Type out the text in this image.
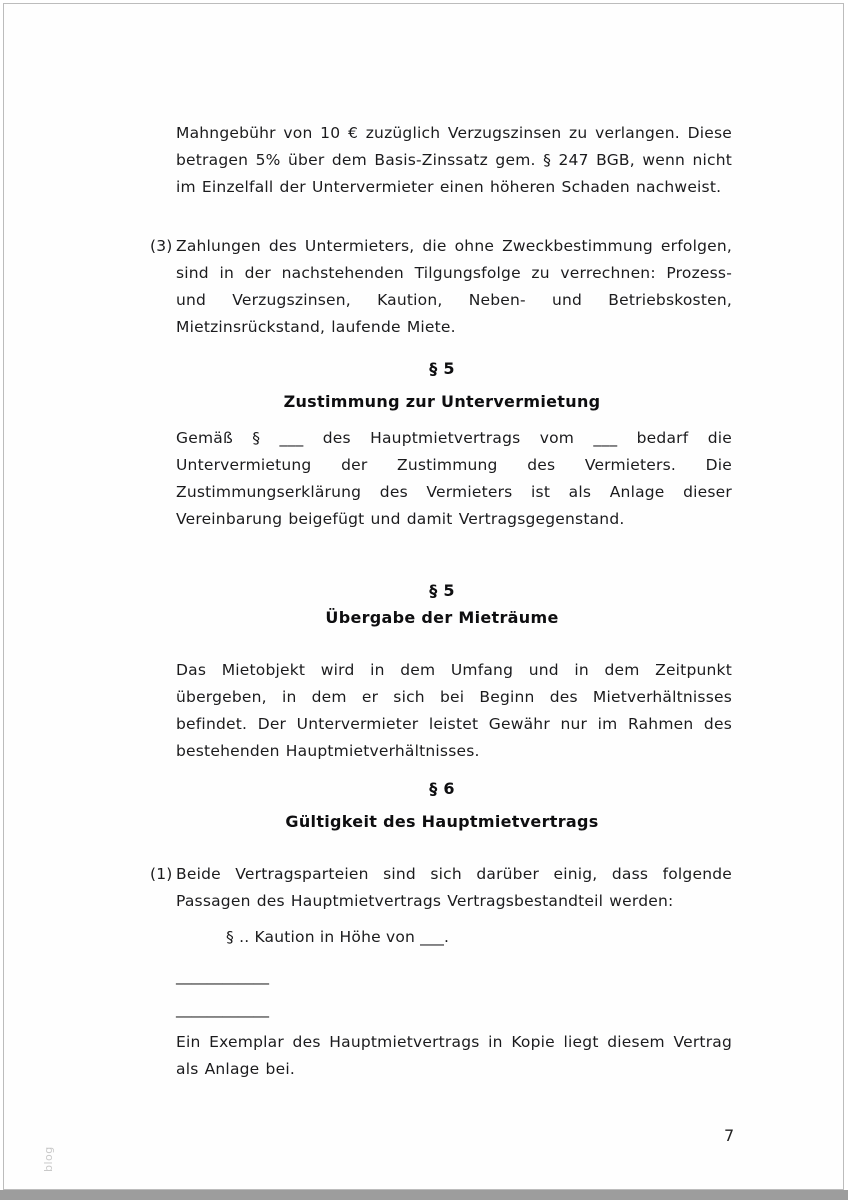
Mahngebühr von 10 € zuzüglich Verzugszinsen zu verlangen. Diese betragen 5% über dem Basis-Zinssatz gem. § 247 BGB, wenn nicht im Einzelfall der Untervermieter einen höheren Schaden nachweist.

(3) Zahlungen des Untermieters, die ohne Zweckbestimmung erfolgen, sind in der nachstehenden Tilgungsfolge zu verrechnen: Prozess- und Verzugszinsen, Kaution, Neben- und Betriebskosten, Mietzinsrückstand, laufende Miete.

§ 5
Zustimmung zur Untervermietung

Gemäß § ___ des Hauptmietvertrags vom ___ bedarf die Untervermietung der Zustimmung des Vermieters. Die Zustimmungserklärung des Vermieters ist als Anlage dieser Vereinbarung beigefügt und damit Vertragsgegenstand.

§ 5
Übergabe der Mieträume

Das Mietobjekt wird in dem Umfang und in dem Zeitpunkt übergeben, in dem er sich bei Beginn des Mietverhältnisses befindet. Der Untervermieter leistet Gewähr nur im Rahmen des bestehenden Hauptmietverhältnisses.

§ 6
Gültigkeit des Hauptmietvertrags
(1) Beide Vertragsparteien sind sich darüber einig, dass folgende Passagen des Hauptmietvertrags Vertragsbestandteil werden:

§ .. Kaution in Höhe von ___.

____________

____________

Ein Exemplar des Hauptmietvertrags in Kopie liegt diesem Vertrag als Anlage bei.

7
blog
